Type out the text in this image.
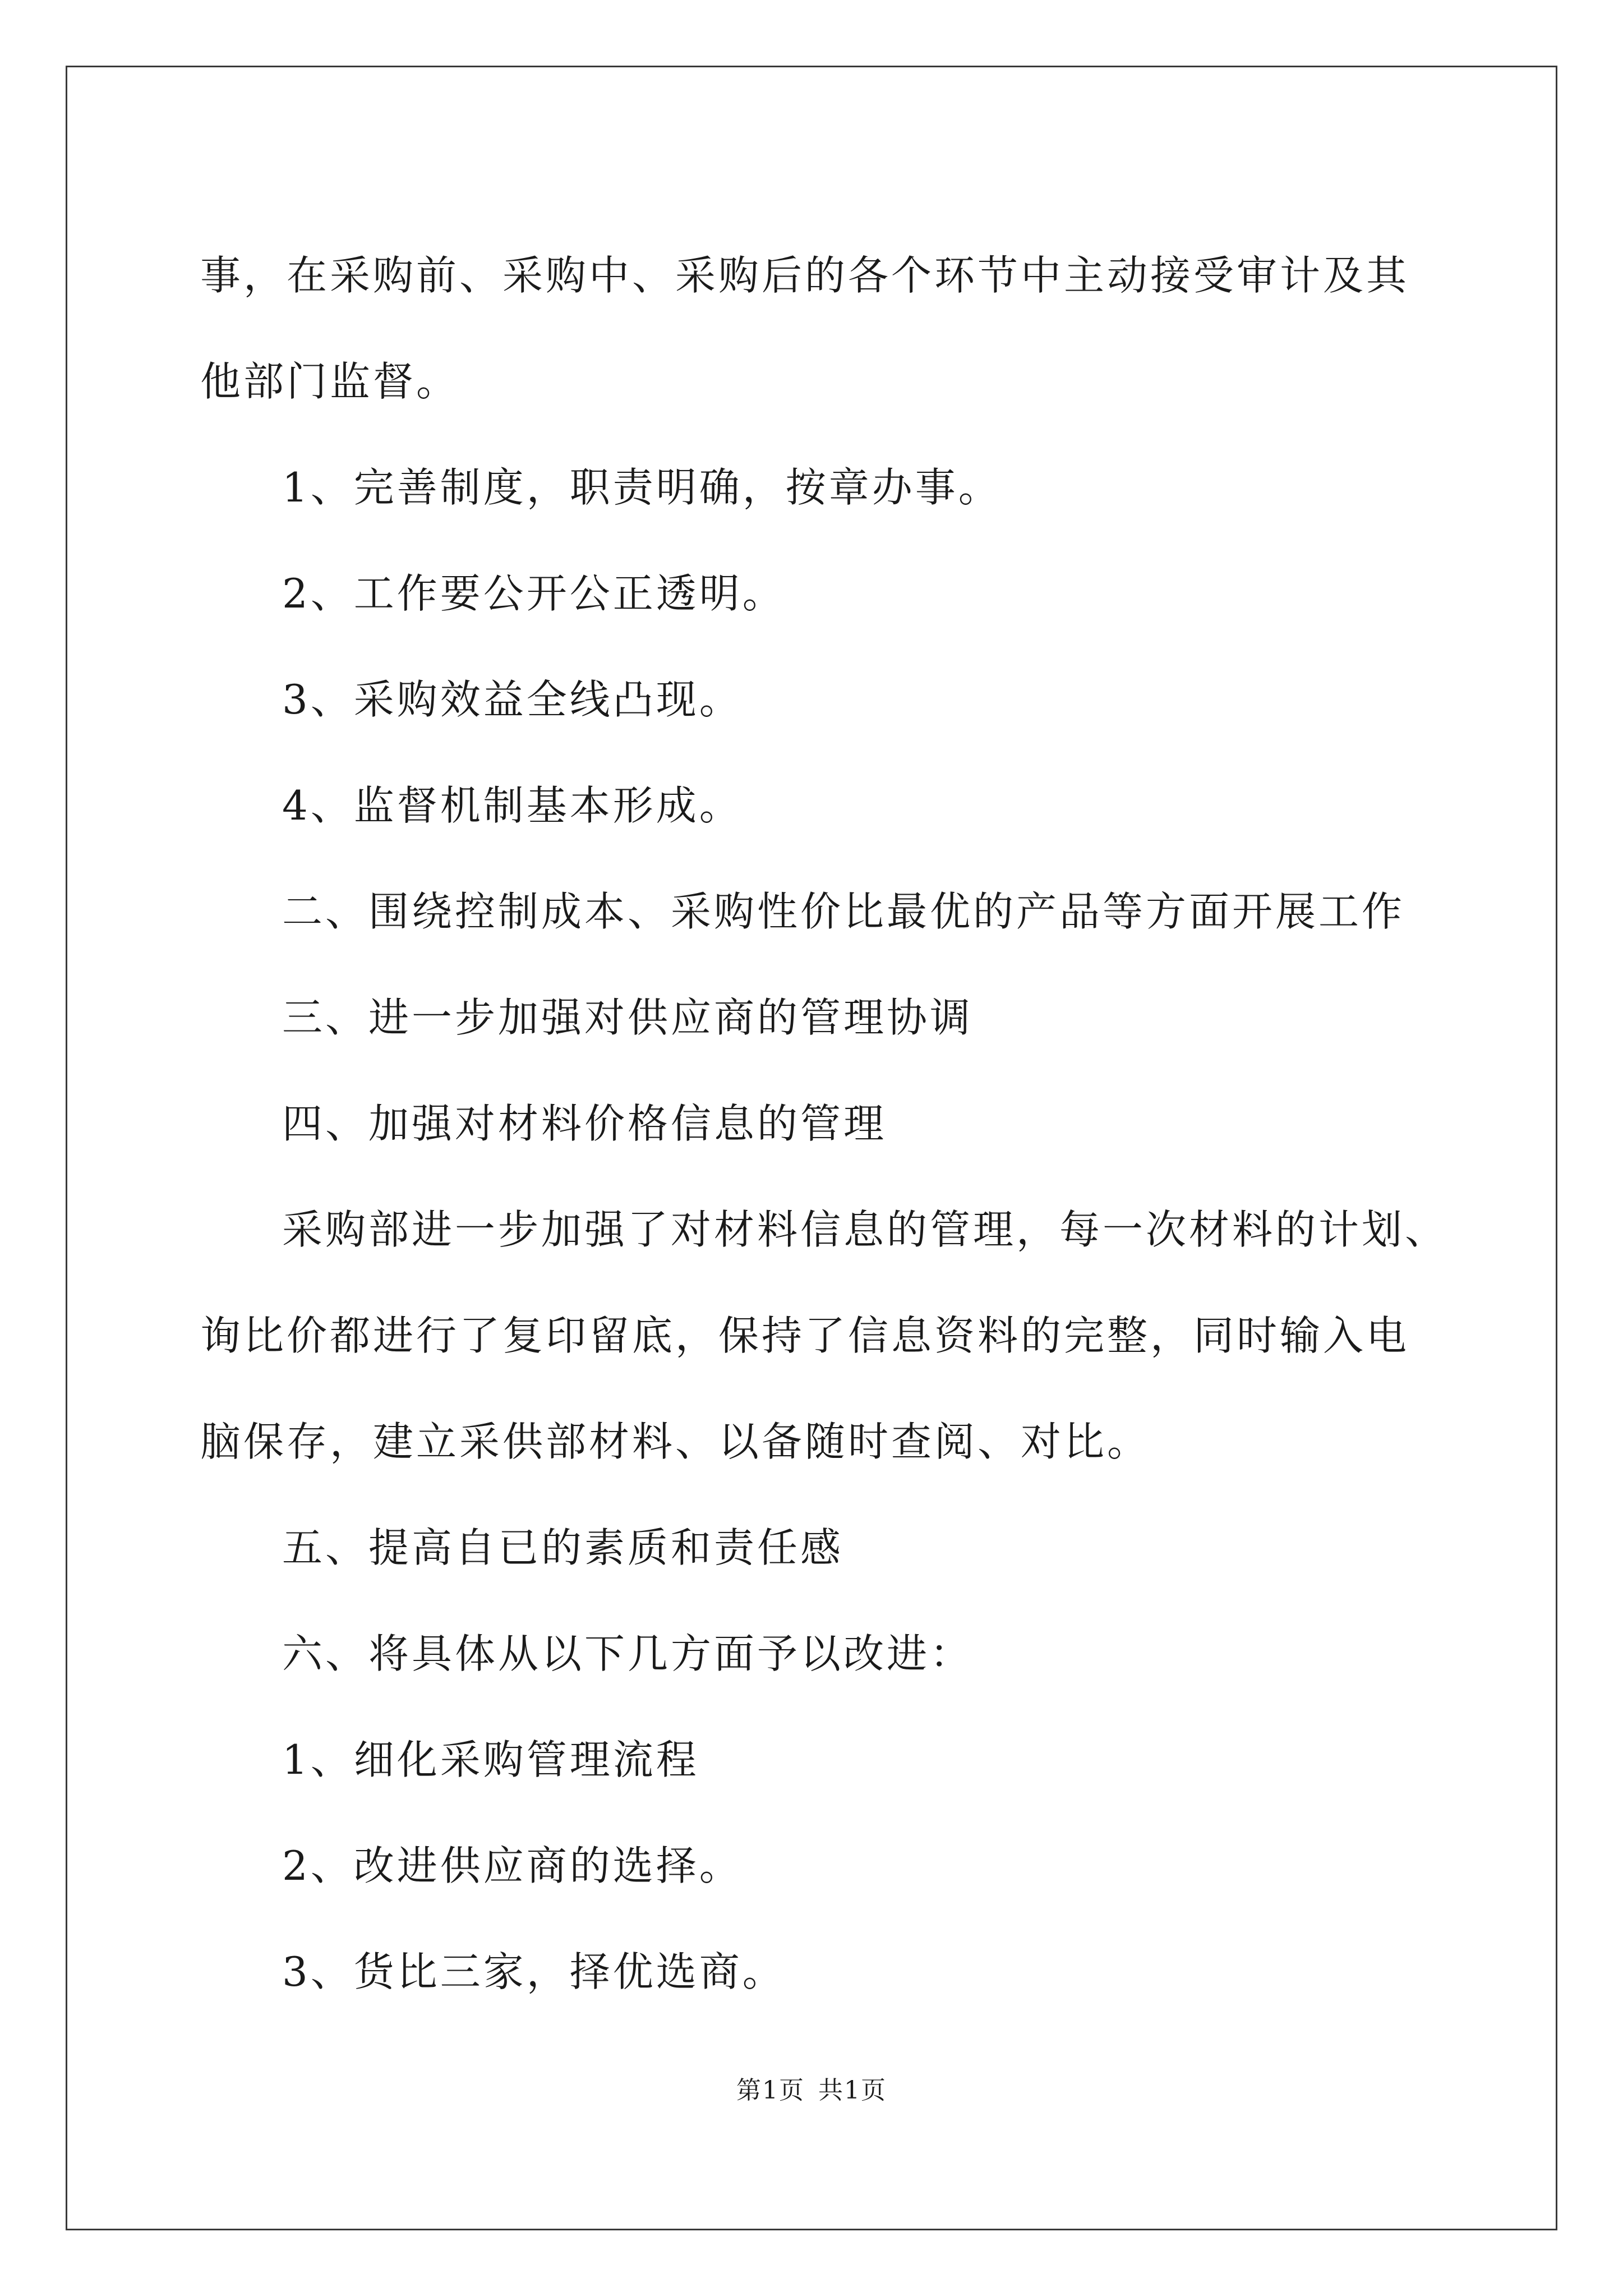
事，在采购前、采购中、采购后的各个环节中主动接受审计及其他部门监督。

1、完善制度，职责明确，按章办事。

2、工作要公开公正透明。

3、采购效益全线凸现。

4、监督机制基本形成。

二、围绕控制成本、采购性价比最优的产品等方面开展工作

三、进一步加强对供应商的管理协调

四、加强对材料价格信息的管理

采购部进一步加强了对材料信息的管理，每一次材料的计划、询比价都进行了复印留底，保持了信息资料的完整，同时输入电脑保存，建立采供部材料、以备随时查阅、对比。

五、提高自已的素质和责任感

六、将具体从以下几方面予以改进：

1、细化采购管理流程

2、改进供应商的选择。

3、货比三家，择优选商。

第1页 共1页
